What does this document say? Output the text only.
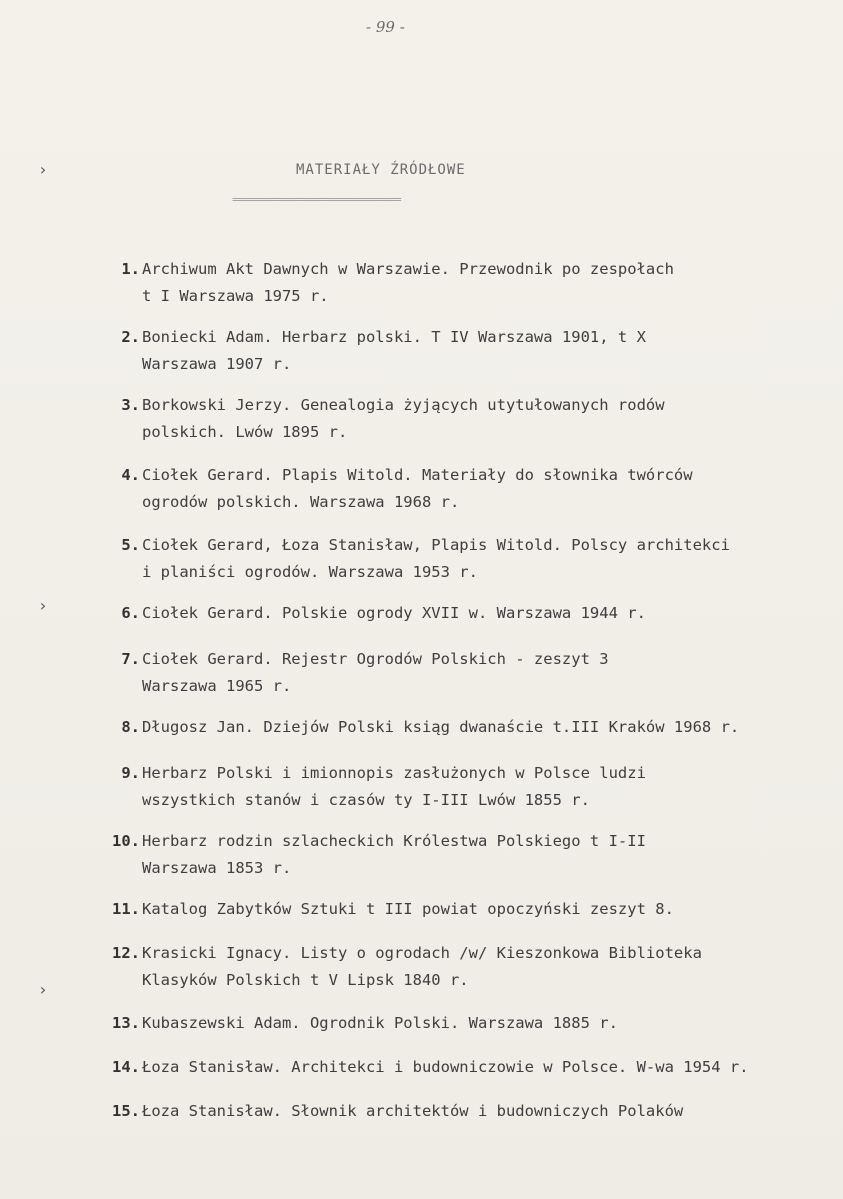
- 99 -
›
›
›
MATERIAŁY ŹRÓDŁOWE
==============================
1. Archiwum Akt Dawnych w Warszawie. Przewodnik po zespołach
t I Warszawa 1975 r.
2. Boniecki Adam. Herbarz polski. T IV Warszawa 1901, t X
Warszawa 1907 r.
3. Borkowski Jerzy. Genealogia żyjących utytułowanych rodów
polskich. Lwów 1895 r.
4. Ciołek Gerard. Plapis Witold. Materiały do słownika twórców
ogrodów polskich. Warszawa 1968 r.
5. Ciołek Gerard, Łoza Stanisław, Plapis Witold. Polscy architekci
i planiści ogrodów. Warszawa 1953 r.
6. Ciołek Gerard. Polskie ogrody XVII w. Warszawa 1944 r.
7. Ciołek Gerard. Rejestr Ogrodów Polskich - zeszyt 3
Warszawa 1965 r.
8. Długosz Jan. Dziejów Polski ksiąg dwanaście t.III Kraków 1968 r.
9. Herbarz Polski i imionnopis zasłużonych w Polsce ludzi
wszystkich stanów i czasów ty I-III Lwów 1855 r.
10. Herbarz rodzin szlacheckich Królestwa Polskiego t I-II
Warszawa 1853 r.
11. Katalog Zabytków Sztuki t III powiat opoczyński zeszyt 8.
12. Krasicki Ignacy. Listy o ogrodach /w/ Kieszonkowa Biblioteka
Klasyków Polskich t V Lipsk 1840 r.
13. Kubaszewski Adam. Ogrodnik Polski. Warszawa 1885 r.
14. Łoza Stanisław. Architekci i budowniczowie w Polsce. W-wa 1954 r.
15. Łoza Stanisław. Słownik architektów i budowniczych Polaków
